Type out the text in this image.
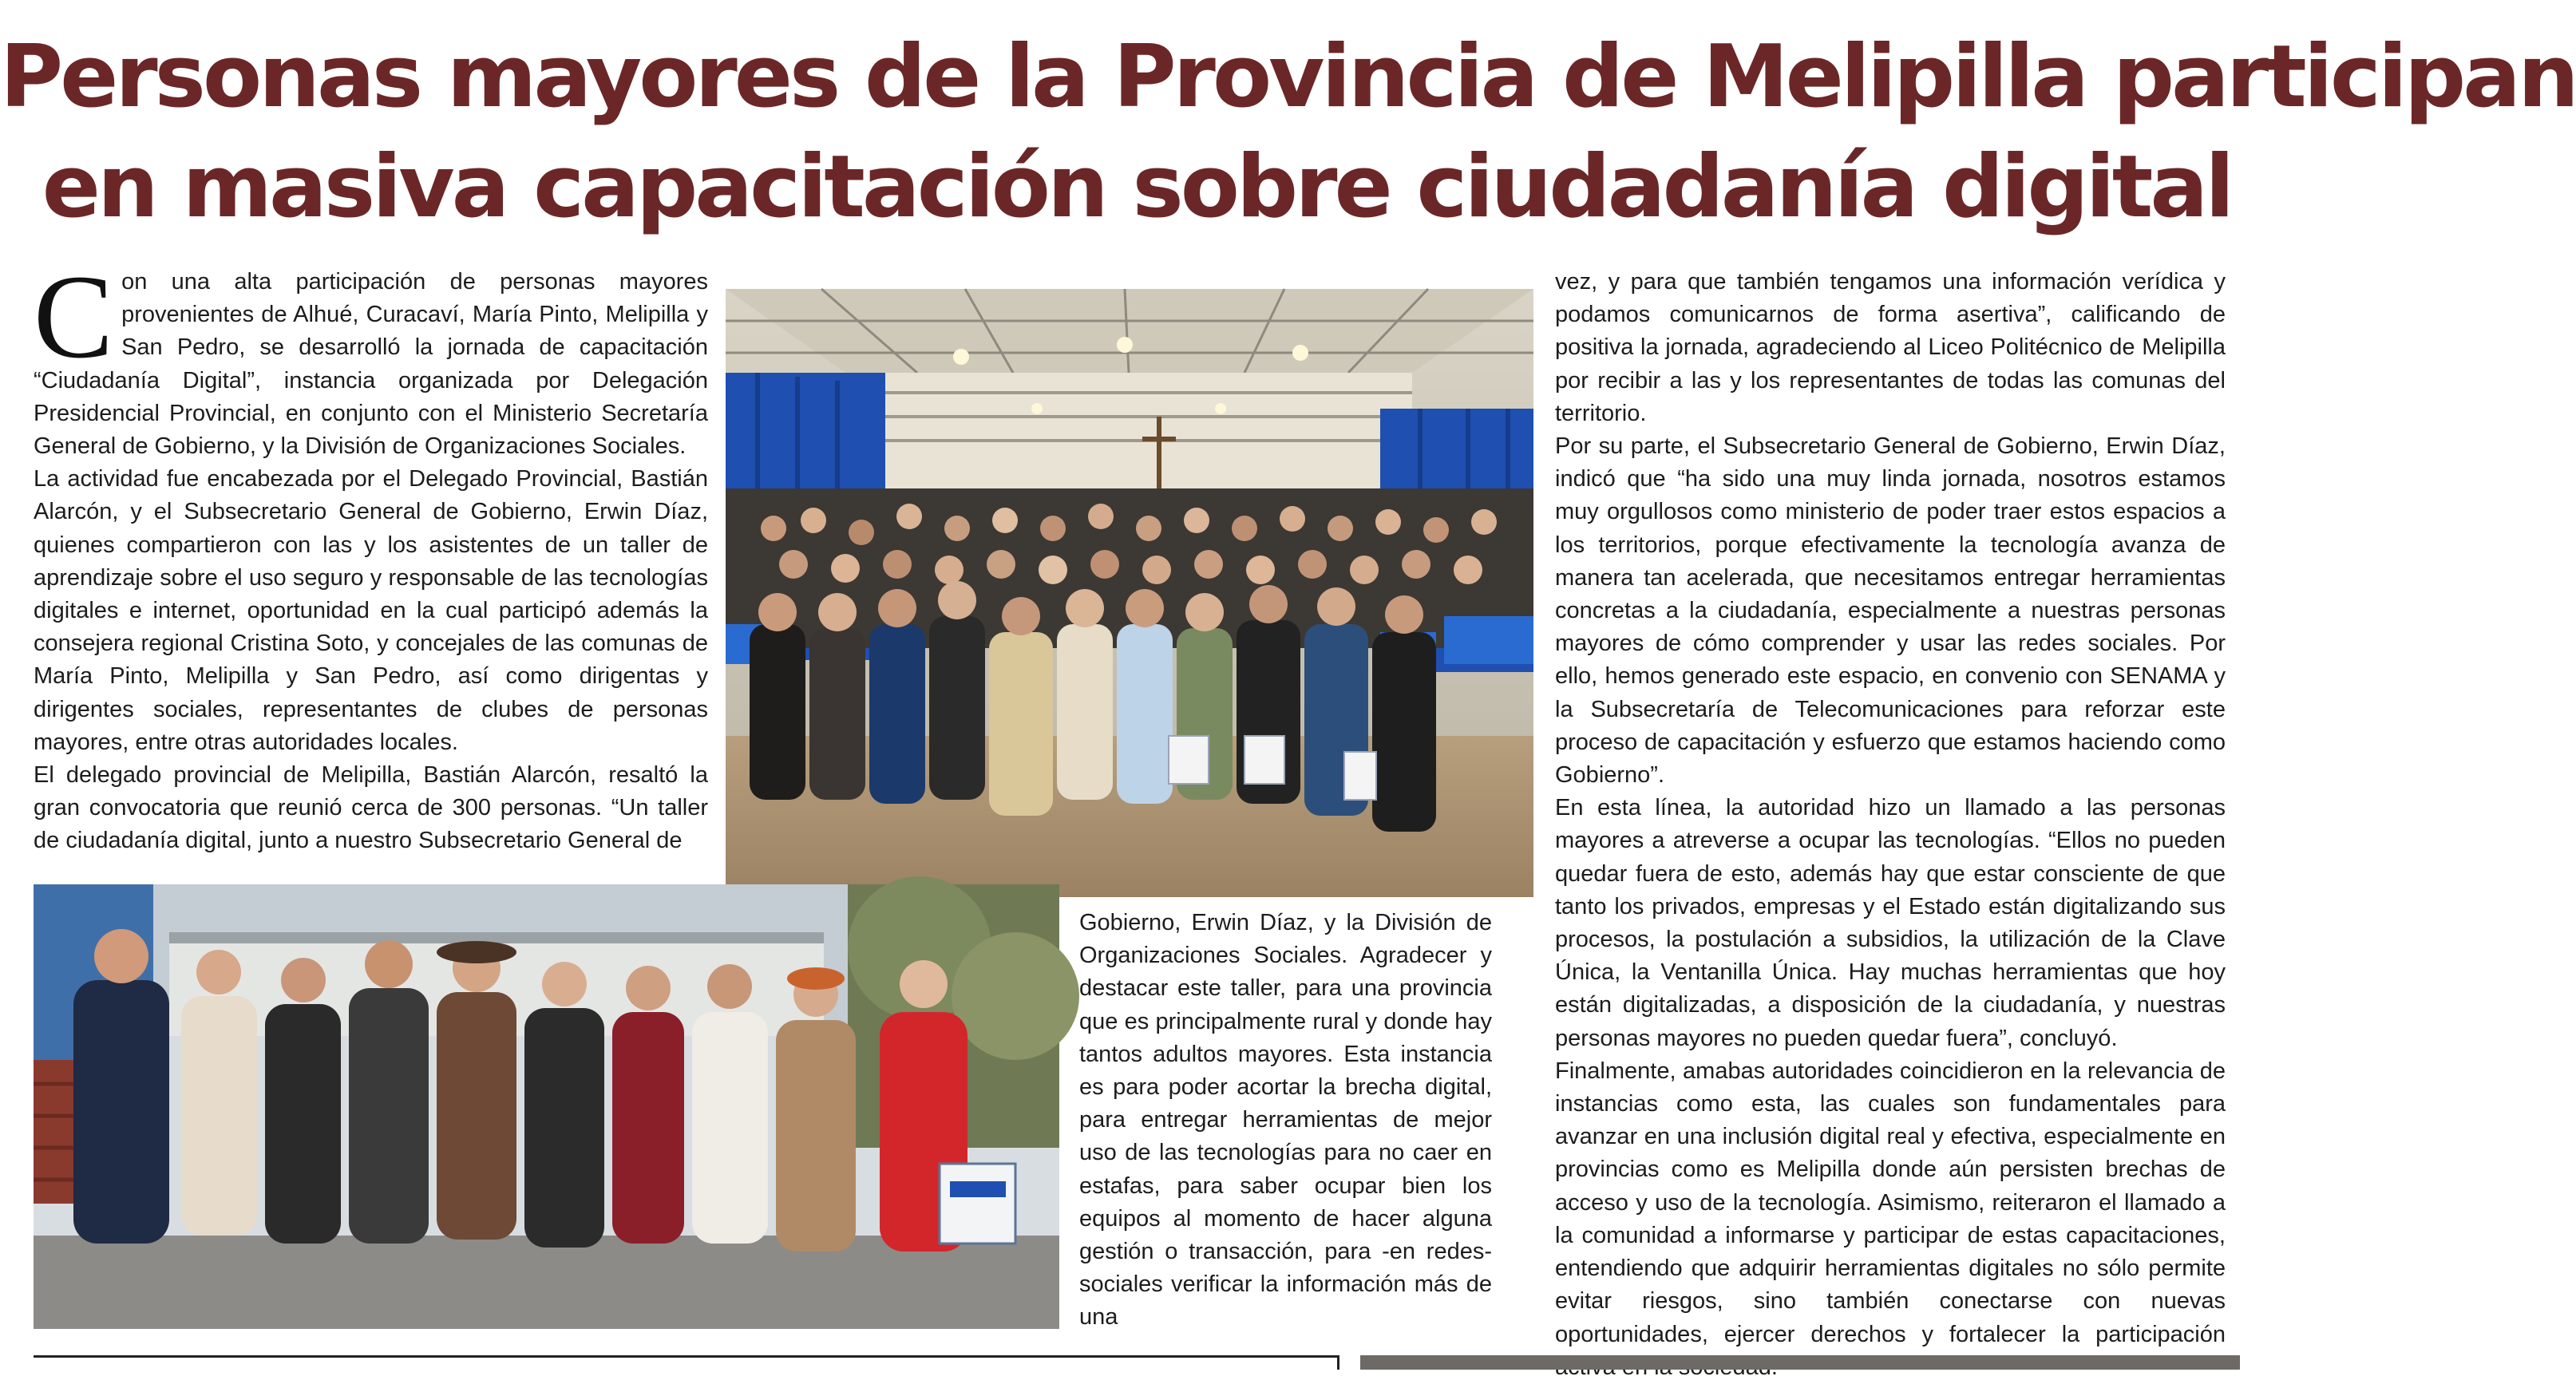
Personas mayores de la Provincia de Melipilla participan
en masiva capacitación sobre ciudadanía digital

Con una alta participación de personas mayores provenientes de Alhué, Curacaví, María Pinto, Melipilla y San Pedro, se desarrolló la jornada de capacitación “Ciudadanía Digital”, instancia organizada por Delegación Presidencial Provincial, en conjunto con el Ministerio Secretaría General de Gobierno, y la División de Organizaciones Sociales.

La actividad fue encabezada por el Delegado Provincial, Bastián Alarcón, y el Subsecretario General de Gobierno, Erwin Díaz, quienes compartieron con las y los asistentes de un taller de aprendizaje sobre el uso seguro y responsable de las tecnologías digitales e internet, oportunidad en la cual participó además la consejera regional Cristina Soto, y concejales de las comunas de María Pinto, Melipilla y San Pedro, así como dirigentas y dirigentes sociales, representantes de clubes de personas mayores, entre otras autoridades locales.

El delegado provincial de Melipilla, Bastián Alarcón, resaltó la gran convocatoria que reunió cerca de 300 personas. “Un taller de ciudadanía digital, junto a nuestro Subsecretario General de

Gobierno, Erwin Díaz, y la División de Organizaciones Sociales. Agradecer y destacar este taller, para una provincia que es principalmente rural y donde hay tantos adultos mayores. Esta instancia es para poder acortar la brecha digital, para entregar herramientas de mejor uso de las tecnologías para no caer en estafas, para saber ocupar bien los equipos al momento de hacer alguna gestión o transacción, para -en redes- sociales verificar la información más de una

vez, y para que también tengamos una información verídica y podamos comunicarnos de forma asertiva”, calificando de positiva la jornada, agradeciendo al Liceo Politécnico de Melipilla por recibir a las y los representantes de todas las comunas del territorio.

Por su parte, el Subsecretario General de Gobierno, Erwin Díaz, indicó que “ha sido una muy linda jornada, nosotros estamos muy orgullosos como ministerio de poder traer estos espacios a los territorios, porque efectivamente la tecnología avanza de manera tan acelerada, que necesitamos entregar herramientas concretas a la ciudadanía, especialmente a nuestras personas mayores de cómo comprender y usar las redes sociales. Por ello, hemos generado este espacio, en convenio con SENAMA y la Subsecretaría de Telecomunicaciones para reforzar este proceso de capacitación y esfuerzo que estamos haciendo como Gobierno”.

En esta línea, la autoridad hizo un llamado a las personas mayores a atreverse a ocupar las tecnologías. “Ellos no pueden quedar fuera de esto, además hay que estar consciente de que tanto los privados, empresas y el Estado están digitalizando sus procesos, la postulación a subsidios, la utilización de la Clave Única, la Ventanilla Única. Hay muchas herramientas que hoy están digitalizadas, a disposición de la ciudadanía, y nuestras personas mayores no pueden quedar fuera”, concluyó.

Finalmente, amabas autoridades coincidieron en la relevancia de instancias como esta, las cuales son fundamentales para avanzar en una inclusión digital real y efectiva, especialmente en provincias como es Melipilla donde aún persisten brechas de acceso y uso de la tecnología. Asimismo, reiteraron el llamado a la comunidad a informarse y participar de estas capacitaciones, entendiendo que adquirir herramientas digitales no sólo permite evitar riesgos, sino también conectarse con nuevas oportunidades, ejercer derechos y fortalecer la participación
